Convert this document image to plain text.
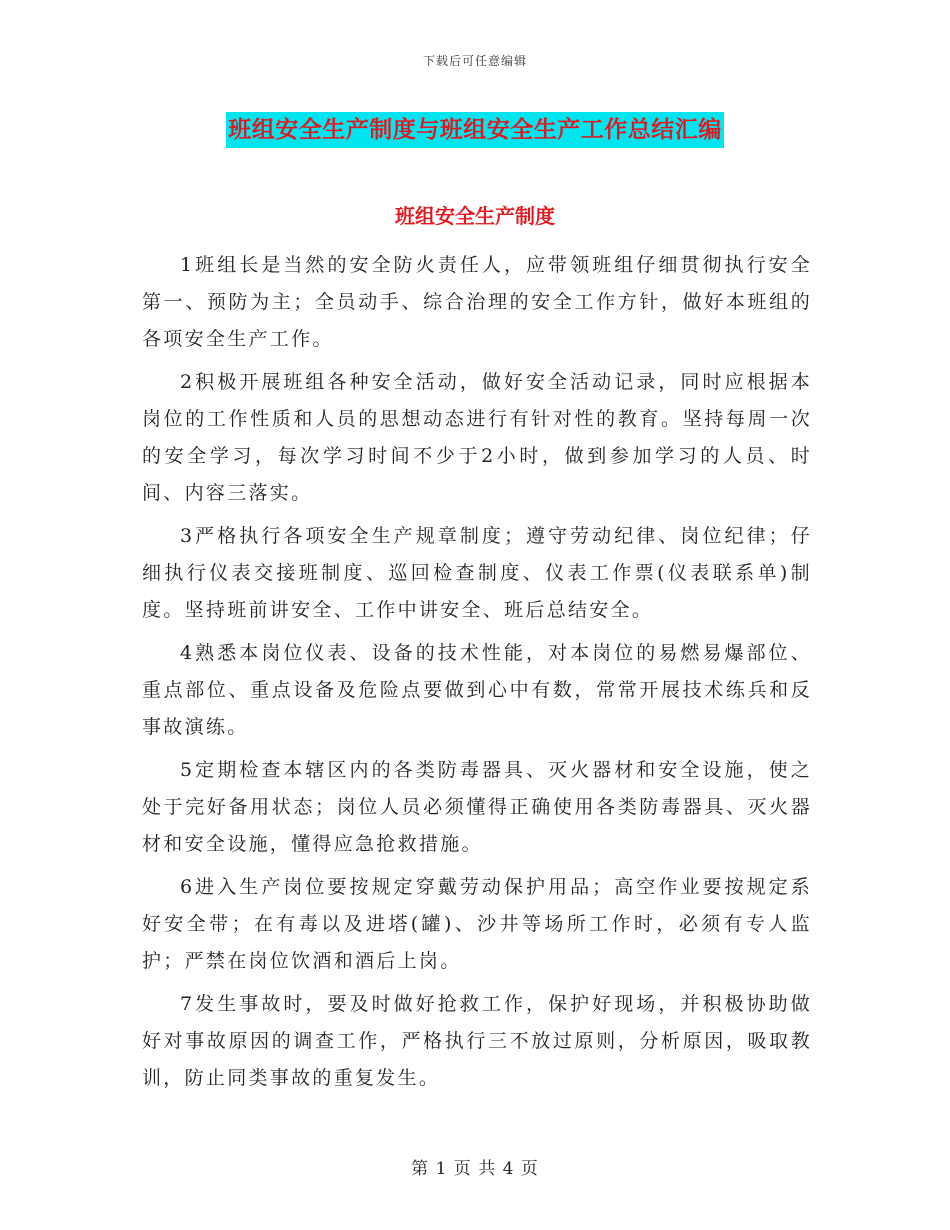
下载后可任意编辑
班组安全生产制度与班组安全生产工作总结汇编
班组安全生产制度

1班组长是当然的安全防火责任人，应带领班组仔细贯彻执行安全第一、预防为主；全员动手、综合治理的安全工作方针，做好本班组的各项安全生产工作。

2积极开展班组各种安全活动，做好安全活动记录，同时应根据本岗位的工作性质和人员的思想动态进行有针对性的教育。坚持每周一次的安全学习，每次学习时间不少于2小时，做到参加学习的人员、时间、内容三落实。

3严格执行各项安全生产规章制度；遵守劳动纪律、岗位纪律；仔细执行仪表交接班制度、巡回检查制度、仪表工作票(仪表联系单)制度。坚持班前讲安全、工作中讲安全、班后总结安全。

4熟悉本岗位仪表、设备的技术性能，对本岗位的易燃易爆部位、重点部位、重点设备及危险点要做到心中有数，常常开展技术练兵和反事故演练。

5定期检查本辖区内的各类防毒器具、灭火器材和安全设施，使之处于完好备用状态；岗位人员必须懂得正确使用各类防毒器具、灭火器材和安全设施，懂得应急抢救措施。

6进入生产岗位要按规定穿戴劳动保护用品；高空作业要按规定系好安全带；在有毒以及进塔(罐)、沙井等场所工作时，必须有专人监护；严禁在岗位饮酒和酒后上岗。

7发生事故时，要及时做好抢救工作，保护好现场，并积极协助做好对事故原因的调查工作，严格执行三不放过原则，分析原因，吸取教训，防止同类事故的重复发生。

第 1 页 共 4 页
